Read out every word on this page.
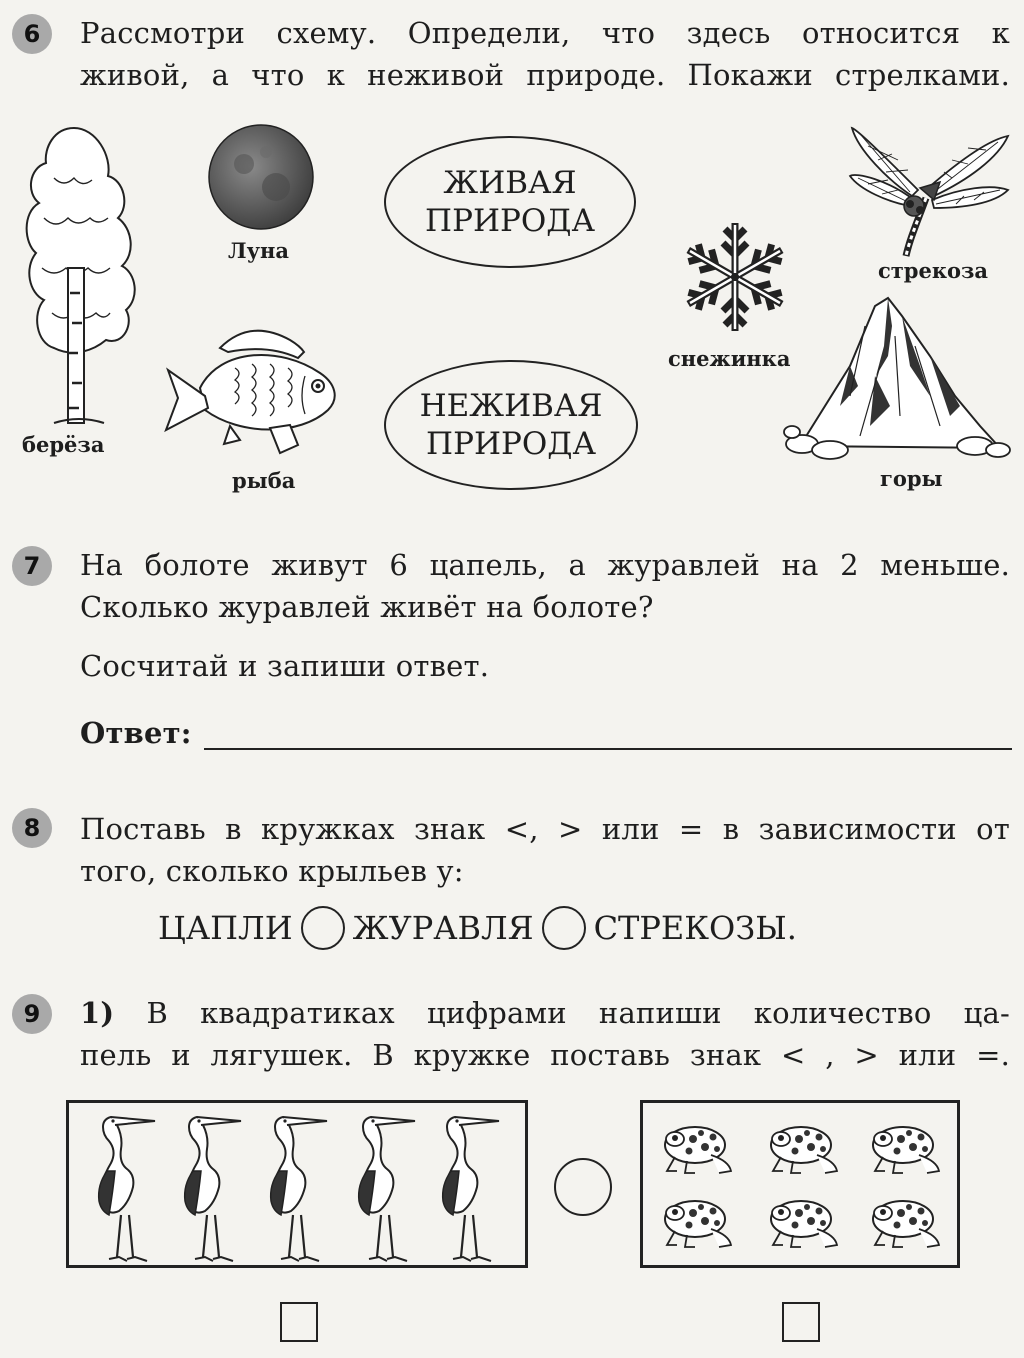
6	Рассмотри схему. Определи, что здесь относится к
живой, а что к неживой природе. Покажи стрелками.
берёза
Луна
рыба
ЖИВАЯ
ПРИРОДА
НЕЖИВАЯ
ПРИРОДА
снежинка
стрекоза
горы
7	На болоте живут 6 цапель, а журавлей на 2 меньше.
Сколько журавлей живёт на болоте?
Сосчитай и запиши ответ.
Ответ:
8	Поставь в кружках знак <, > или = в зависимости от
того, сколько крыльев у:
ЦАПЛИ ЖУРАВЛЯ СТРЕКОЗЫ.
9	1) В квадратиках цифрами напиши количество ца-
пель и лягушек. В кружке поставь знак < , > или =.
